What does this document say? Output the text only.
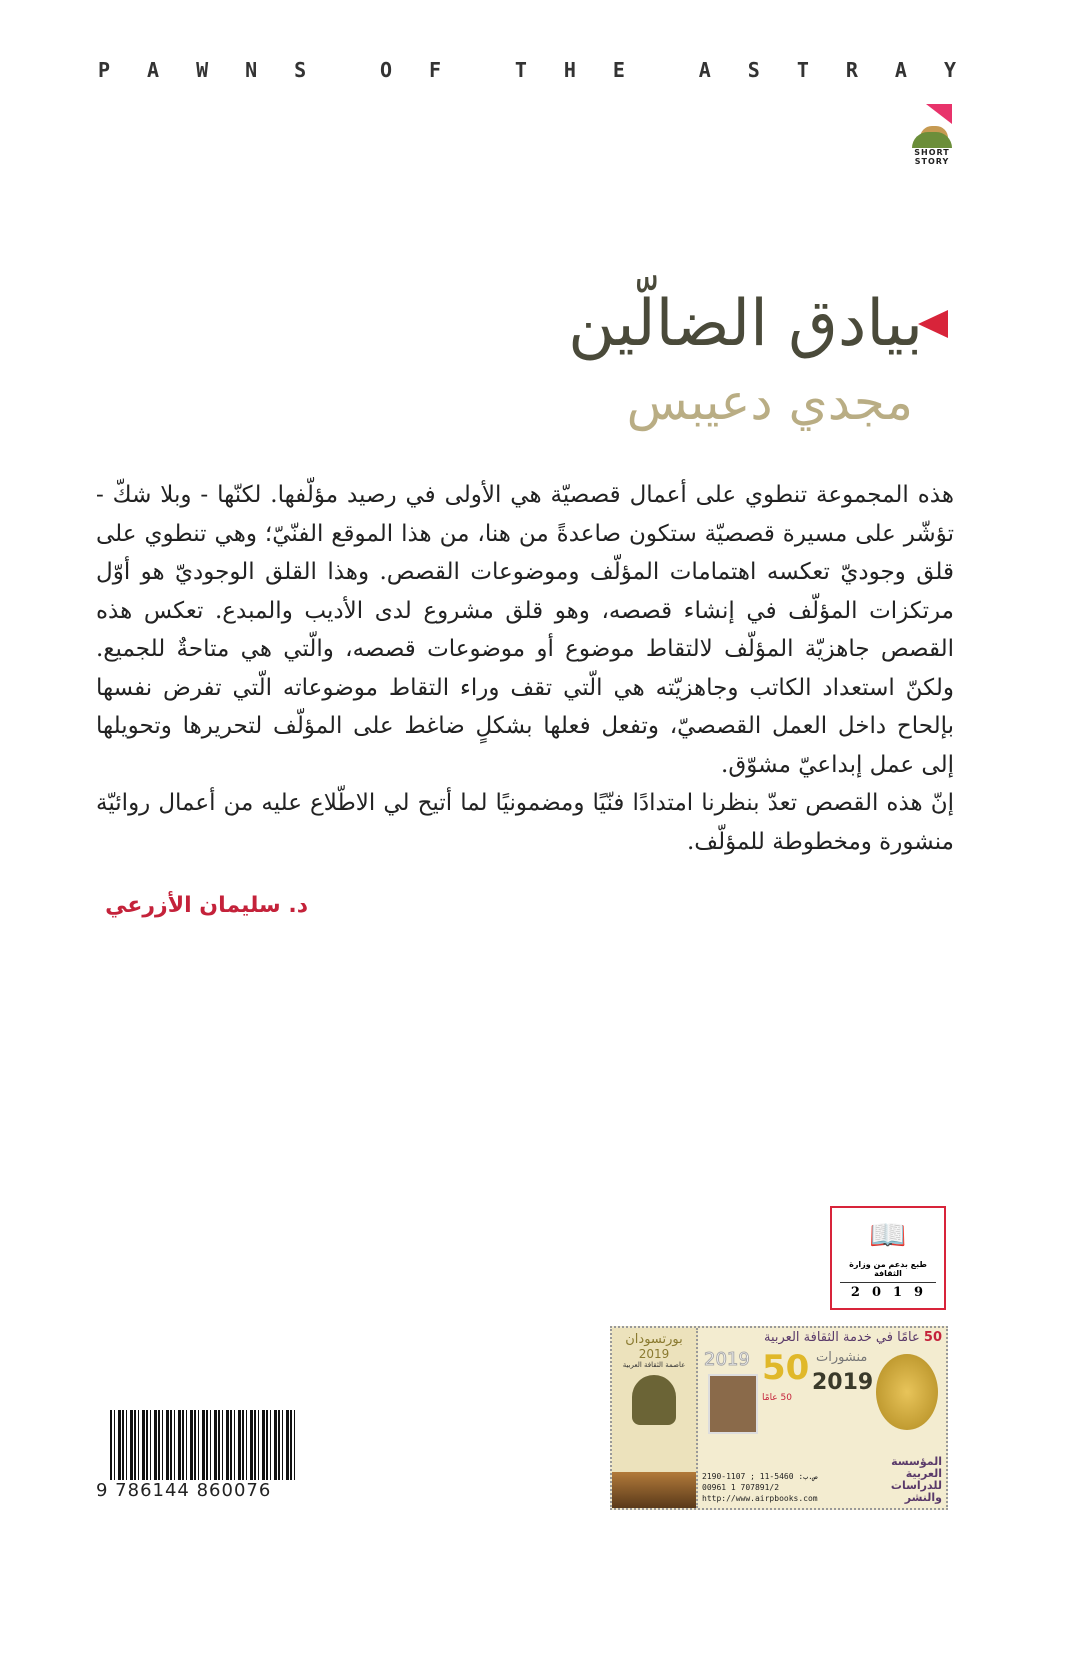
PAWNS OF THE ASTRAY
SHORT
STORY
بيادق الضالّين
مجدي دعيبس

هذه المجموعة تنطوي على أعمال قصصيّة هي الأولى في رصيد مؤلّفها. لكنّها - وبلا شكّ - تؤشّر على مسيرة قصصيّة ستكون صاعدةً من هنا، من هذا الموقع الفنّيّ؛ وهي تنطوي على قلق وجوديّ تعكسه اهتمامات المؤلّف وموضوعات القصص. وهذا القلق الوجوديّ هو أوّل مرتكزات المؤلّف في إنشاء قصصه، وهو قلق مشروع لدى الأديب والمبدع. تعكس هذه القصص جاهزيّة المؤلّف لالتقاط موضوع أو موضوعات قصصه، والّتي هي متاحةٌ للجميع. ولكنّ استعداد الكاتب وجاهزيّته هي الّتي تقف وراء التقاط موضوعاته الّتي تفرض نفسها بإلحاح داخل العمل القصصيّ، وتفعل فعلها بشكلٍ ضاغط على المؤلّف لتحريرها وتحويلها إلى عمل إبداعيّ مشوّق.

إنّ هذه القصص تعدّ بنظرنا امتدادًا فنّيًا ومضمونيًا لما أتيح لي الاطّلاع عليه من أعمال روائيّة منشورة ومخطوطة للمؤلّف.

د. سليمان الأزرعي
📖
طبع بدعم من وزارة الثقافة
2019
بورتسودان
2019
عاصمة الثقافة العربية
50 عامًا في خدمة الثقافة العربية
2019 50 منشورات
50 عامًا
2019
2190-1107 ; 11-5460 :ص.ب
00961 1 707891/2
http://www.airpbooks.com
المؤسسة العربية للدراسات والنشر
9 786144 860076
